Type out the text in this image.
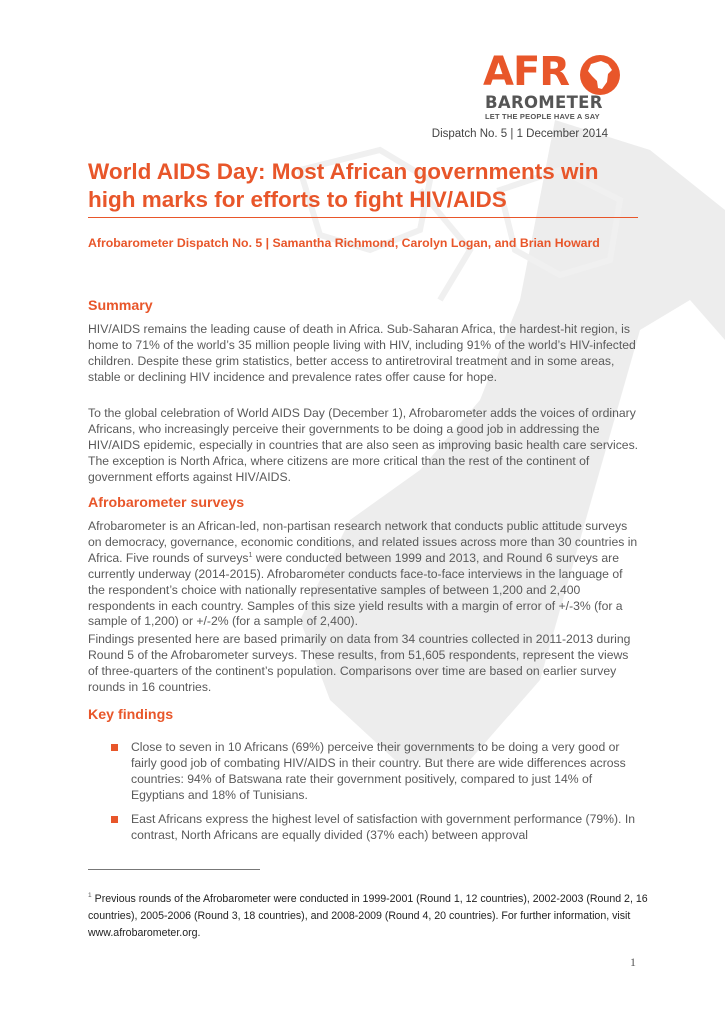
AFR
BAROMETER
LET THE PEOPLE HAVE A SAY
Dispatch No. 5 | 1 December 2014
World AIDS Day: Most African governments win high marks for efforts to fight HIV/AIDS
Afrobarometer Dispatch No. 5 | Samantha Richmond, Carolyn Logan, and Brian Howard
Summary

HIV/AIDS remains the leading cause of death in Africa. Sub-Saharan Africa, the hardest-hit region, is home to 71% of the world’s 35 million people living with HIV, including 91% of the world’s HIV-infected children. Despite these grim statistics, better access to antiretroviral treatment and in some areas, stable or declining HIV incidence and prevalence rates offer cause for hope.

To the global celebration of World AIDS Day (December 1), Afrobarometer adds the voices of ordinary Africans, who increasingly perceive their governments to be doing a good job in addressing the HIV/AIDS epidemic, especially in countries that are also seen as improving basic health care services. The exception is North Africa, where citizens are more critical than the rest of the continent of government efforts against HIV/AIDS.

Afrobarometer surveys

Afrobarometer is an African-led, non-partisan research network that conducts public attitude surveys on democracy, governance, economic conditions, and related issues across more than 30 countries in Africa. Five rounds of surveys$^1$ were conducted between 1999 and 2013, and Round 6 surveys are currently underway (2014-2015). Afrobarometer conducts face-to-face interviews in the language of the respondent’s choice with nationally representative samples of between 1,200 and 2,400 respondents in each country. Samples of this size yield results with a margin of error of +/-3% (for a sample of 1,200) or +/-2% (for a sample of 2,400).

Findings presented here are based primarily on data from 34 countries collected in 2011-2013 during Round 5 of the Afrobarometer surveys. These results, from 51,605 respondents, represent the views of three-quarters of the continent’s population. Comparisons over time are based on earlier survey rounds in 16 countries.

Key findings

Close to seven in 10 Africans (69%) perceive their governments to be doing a very good or fairly good job of combating HIV/AIDS in their country. But there are wide differences across countries: 94% of Batswana rate their government positively, compared to just 14% of Egyptians and 18% of Tunisians.

East Africans express the highest level of satisfaction with government performance (79%). In contrast, North Africans are equally divided (37% each) between approval

$^1$ Previous rounds of the Afrobarometer were conducted in 1999-2001 (Round 1, 12 countries), 2002-2003 (Round 2, 16 countries), 2005-2006 (Round 3, 18 countries), and 2008-2009 (Round 4, 20 countries). For further information, visit www.afrobarometer.org.

1
